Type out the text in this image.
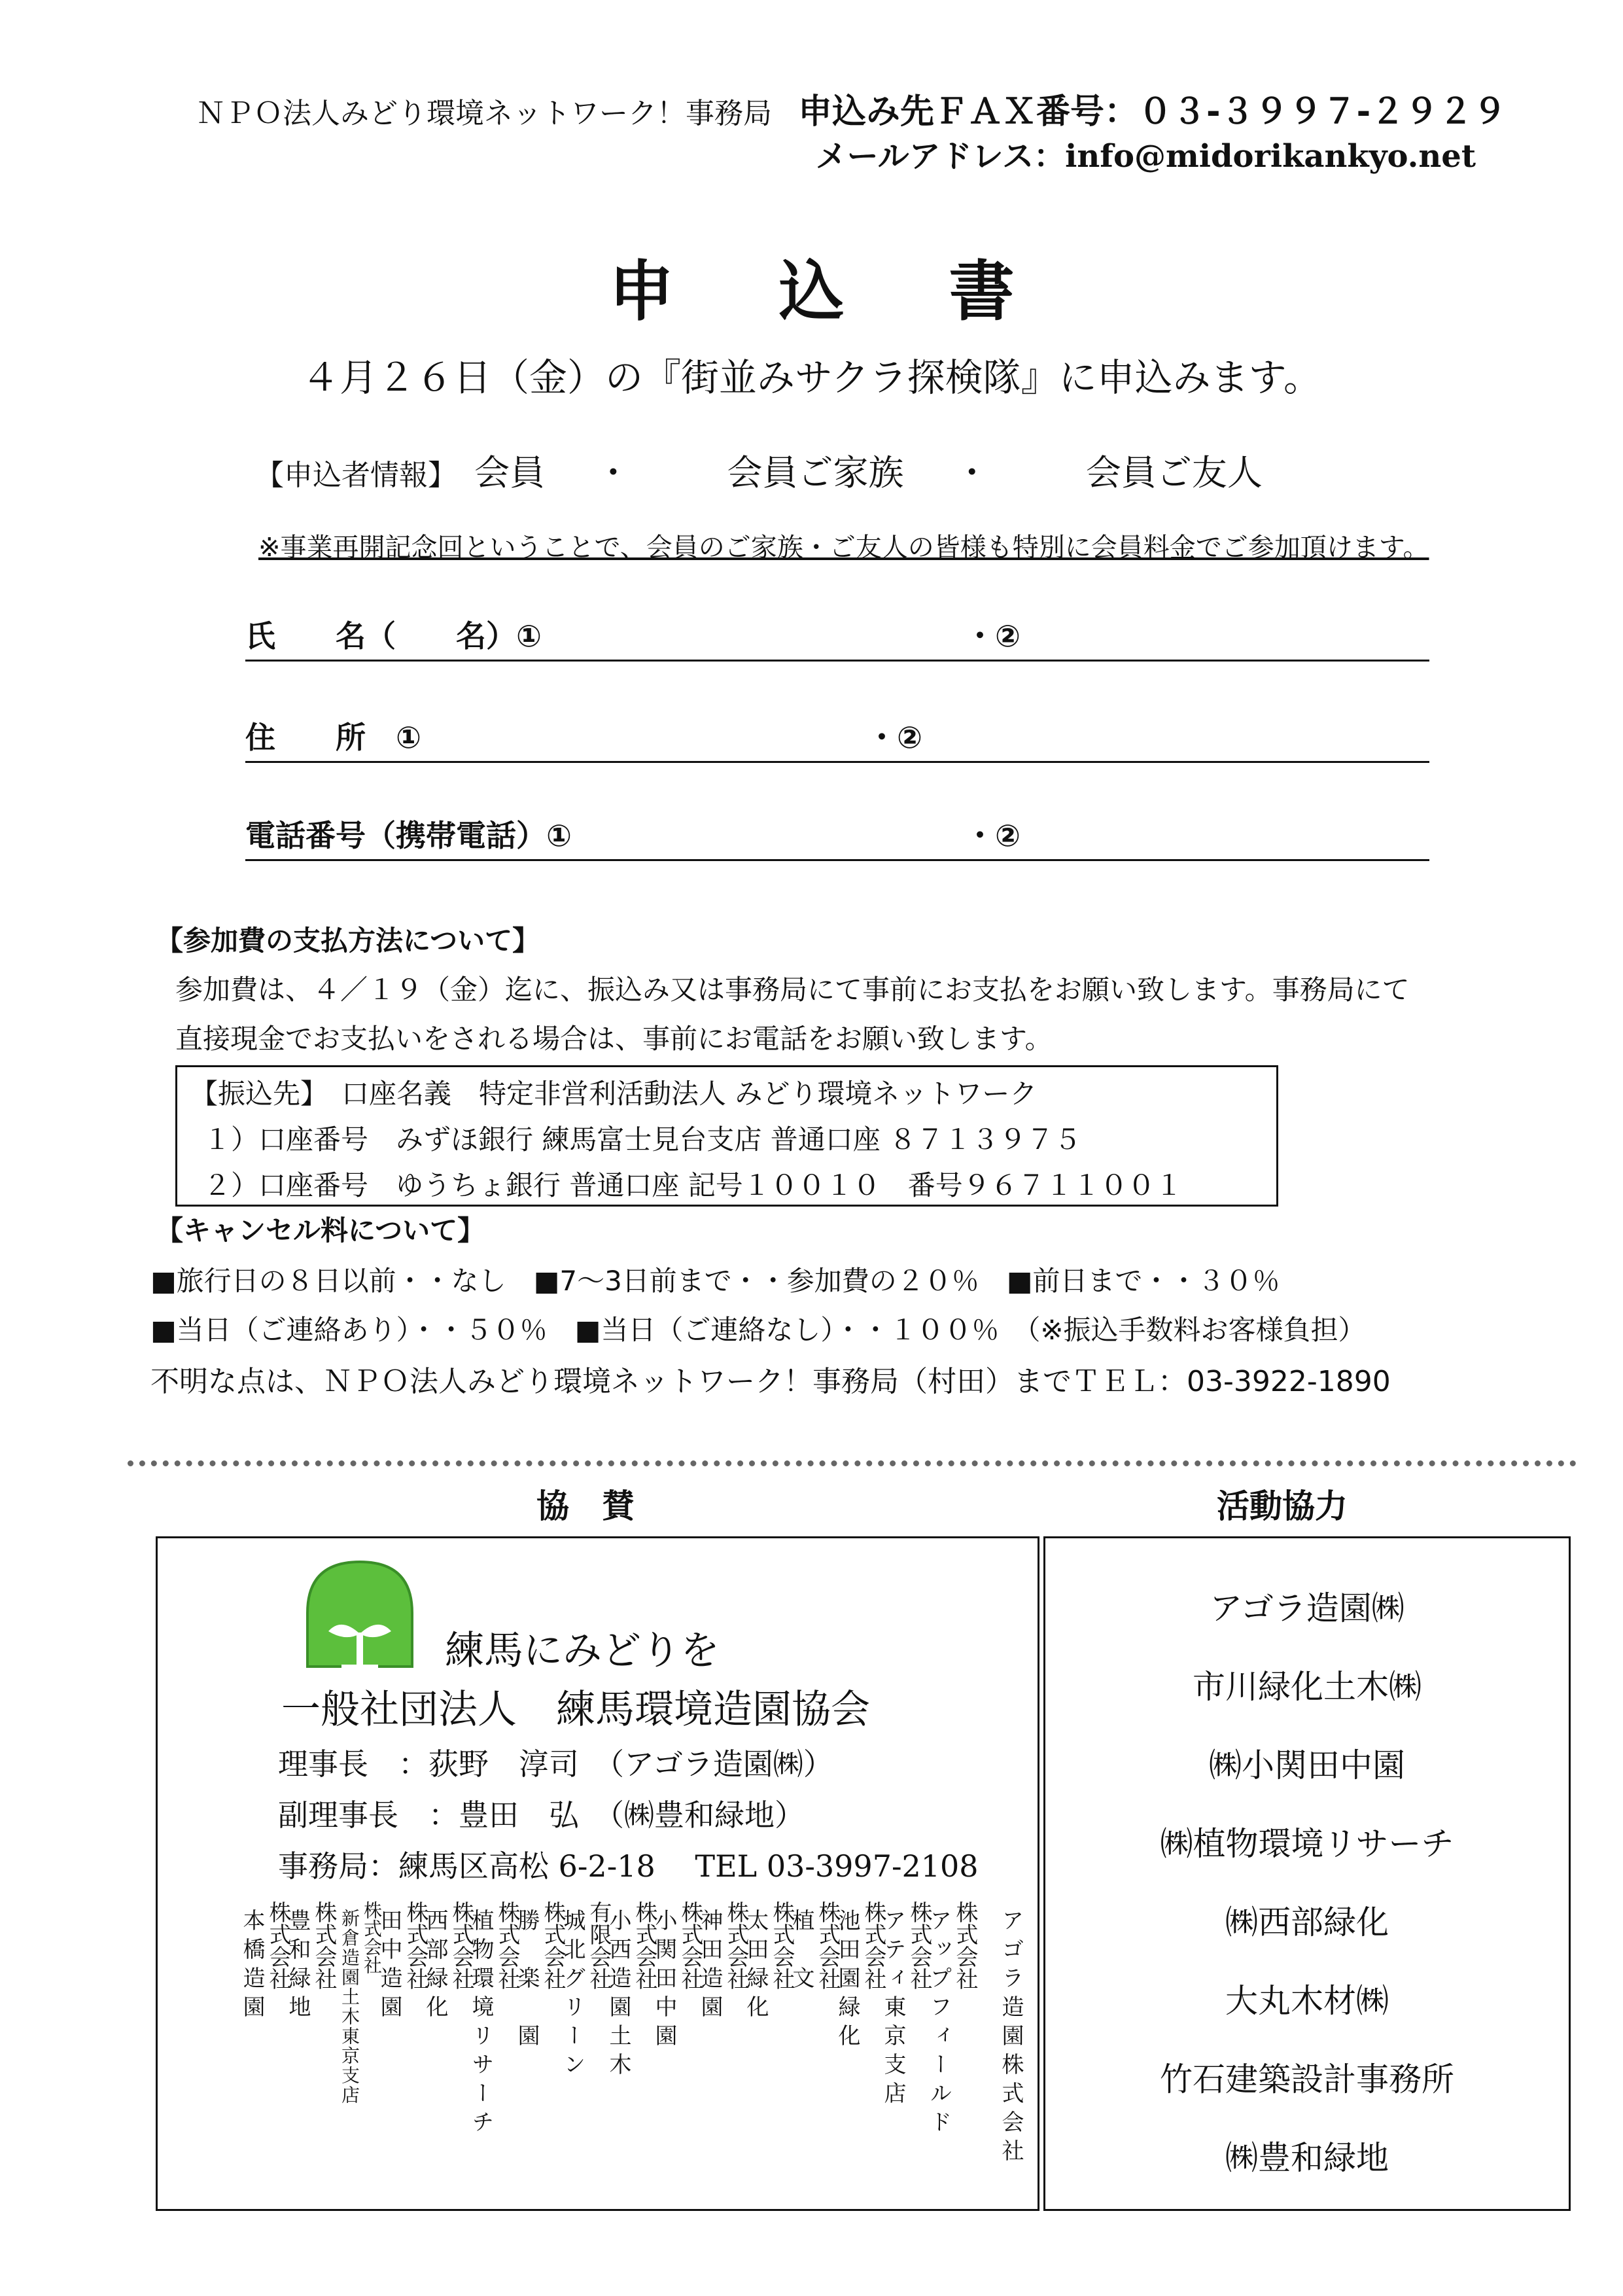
ＮＰＯ法人みどり環境ネットワーク！事務局 申込み先ＦＡＸ番号：０３-３９９７-２９２９
メールアドレス：info@midorikankyo.net
申込書
４月２６日（金）の『街並みサクラ探検隊』に申込みます。
【申込者情報】 会員 ・	会員ご家族 ・	会員ご友人
※事業再開記念回ということで、会員のご家族・ご友人の皆様も特別に会員料金でご参加頂けます。
氏　　名（　　名）①	・②
住　　所　①	・②
電話番号（携帯電話）①	・②
【参加費の支払方法について】
参加費は、４／１９（金）迄に、振込み又は事務局にて事前にお支払をお願い致します。事務局にて
直接現金でお支払いをされる場合は、事前にお電話をお願い致します。
【振込先】　口座名義　特定非営利活動法人 みどり環境ネットワーク
１）口座番号　みずほ銀行 練馬富士見台支店 普通口座 ８７１３９７５
２）口座番号　ゆうちょ銀行 普通口座 記号１００１０　番号９６７１１００１
【キャンセル料について】
■旅行日の８日以前・・なし　■7～3日前まで・・参加費の２０％　■前日まで・・３０％
■当日（ご連絡あり）・・５０％　■当日（ご連絡なし）・・１００％　（※振込手数料お客様負担）
不明な点は、ＮＰＯ法人みどり環境ネットワーク！事務局（村田）までＴＥＬ：03-3922-1890
協　賛	活動協力
練馬にみどりを
一般社団法人　練馬環境造園協会
理事長　：荻野　淳司　（アゴラ造園㈱）
副理事長　：豊田　弘　（㈱豊和緑地）
事務局：練馬区高松 6-2-18　 TEL 03-3997-2108
アゴラ造園株式会社
株式会社
アップフィールド
株式会社
アティ東京支店
株式会社
池田園緑化
株式会社
植　文
株式会社
太田緑化
株式会社
神田造園
株式会社
小関田中園
株式会社
小西造園土木
有限会社
城北グリーン
株式会社
勝　楽　園
株式会社
植物環境リサーチ
株式会社
西部緑化
株式会社
田中造園
株式会社
新倉造園土木東京支店
株式会社
豊和緑地
株式会社
本橋造園
アゴラ造園㈱
市川緑化土木㈱
㈱小関田中園
㈱植物環境リサーチ
㈱西部緑化
大丸木材㈱
竹石建築設計事務所
㈱豊和緑地
